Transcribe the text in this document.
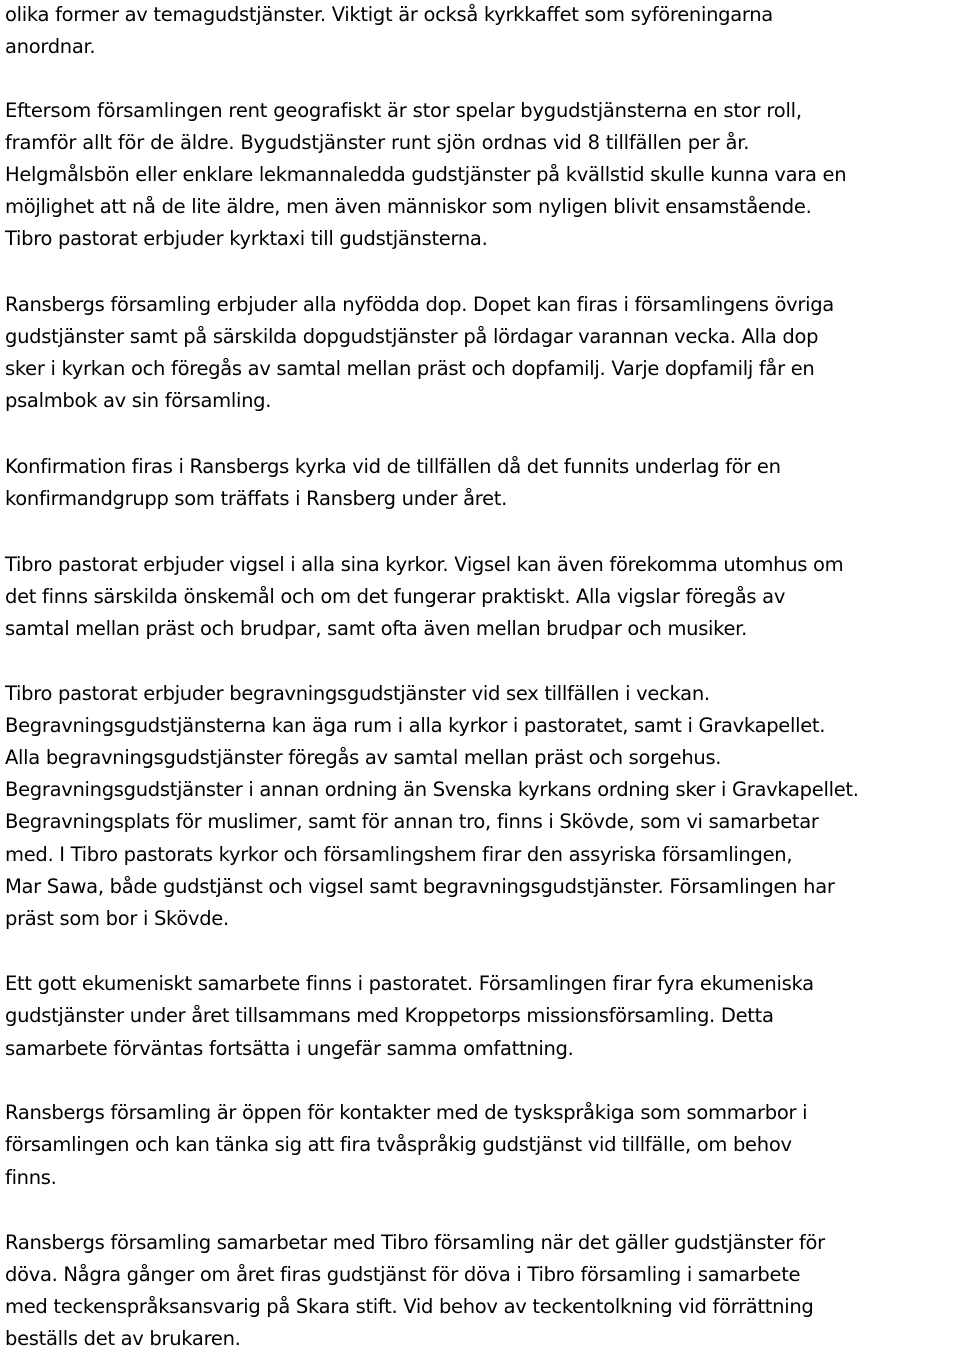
olika former av temagudstjänster. Viktigt är också kyrkkaffet som syföreningarna
anordnar.
Eftersom församlingen rent geografiskt är stor spelar bygudstjänsterna en stor roll,
framför allt för de äldre. Bygudstjänster runt sjön ordnas vid 8 tillfällen per år.
Helgmålsbön eller enklare lekmannaledda gudstjänster på kvällstid skulle kunna vara en
möjlighet att nå de lite äldre, men även människor som nyligen blivit ensamstående.
Tibro pastorat erbjuder kyrktaxi till gudstjänsterna.
Ransbergs församling erbjuder alla nyfödda dop. Dopet kan firas i församlingens övriga
gudstjänster samt på särskilda dopgudstjänster på lördagar varannan vecka. Alla dop
sker i kyrkan och föregås av samtal mellan präst och dopfamilj. Varje dopfamilj får en
psalmbok av sin församling.
Konfirmation firas i Ransbergs kyrka vid de tillfällen då det funnits underlag för en
konfirmandgrupp som träffats i Ransberg under året.
Tibro pastorat erbjuder vigsel i alla sina kyrkor. Vigsel kan även förekomma utomhus om
det finns särskilda önskemål och om det fungerar praktiskt. Alla vigslar föregås av
samtal mellan präst och brudpar, samt ofta även mellan brudpar och musiker.
Tibro pastorat erbjuder begravningsgudstjänster vid sex tillfällen i veckan.
Begravningsgudstjänsterna kan äga rum i alla kyrkor i pastoratet, samt i Gravkapellet.
Alla begravningsgudstjänster föregås av samtal mellan präst och sorgehus.
Begravningsgudstjänster i annan ordning än Svenska kyrkans ordning sker i Gravkapellet.
Begravningsplats för muslimer, samt för annan tro, finns i Skövde, som vi samarbetar
med. I Tibro pastorats kyrkor och församlingshem firar den assyriska församlingen,
Mar Sawa, både gudstjänst och vigsel samt begravningsgudstjänster. Församlingen har
präst som bor i Skövde.
Ett gott ekumeniskt samarbete finns i pastoratet. Församlingen firar fyra ekumeniska
gudstjänster under året tillsammans med Kroppetorps missionsförsamling. Detta
samarbete förväntas fortsätta i ungefär samma omfattning.
Ransbergs församling är öppen för kontakter med de tyskspråkiga som sommarbor i
församlingen och kan tänka sig att fira tvåspråkig gudstjänst vid tillfälle, om behov
finns.
Ransbergs församling samarbetar med Tibro församling när det gäller gudstjänster för
döva. Några gånger om året firas gudstjänst för döva i Tibro församling i samarbete
med teckenspråksansvarig på Skara stift. Vid behov av teckentolkning vid förrättning
beställs det av brukaren.
